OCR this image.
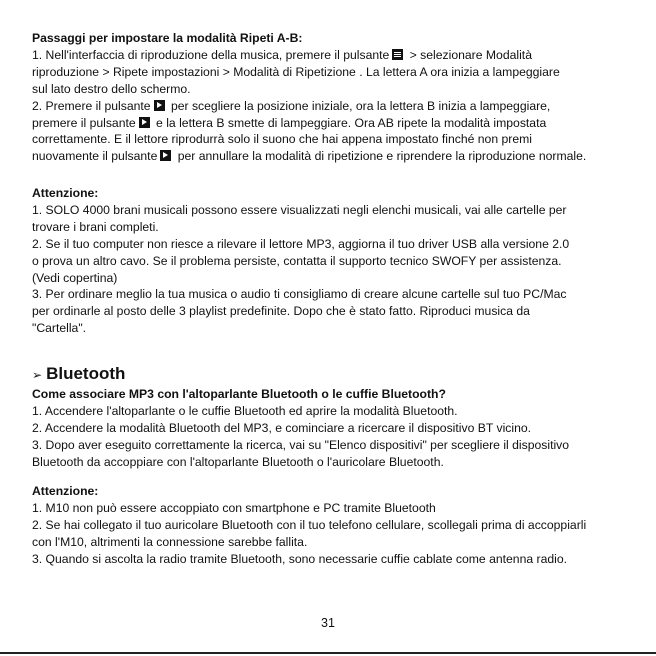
Passaggi per impostare la modalità Ripeti A-B:

1. Nell'interfaccia di riproduzione della musica, premere il pulsante > selezionare Modalità
riproduzione > Ripete impostazioni > Modalità di Ripetizione . La lettera A ora inizia a lampeggiare
sul lato destro dello schermo.

2. Premere il pulsante per scegliere la posizione iniziale, ora la lettera B inizia a lampeggiare,
premere il pulsante e la lettera B smette di lampeggiare. Ora AB ripete la modalità impostata
correttamente. E il lettore riprodurrà solo il suono che hai appena impostato finché non premi
nuovamente il pulsante per annullare la modalità di ripetizione e riprendere la riproduzione normale.

Attenzione:

1. SOLO 4000 brani musicali possono essere visualizzati negli elenchi musicali, vai alle cartelle per
trovare i brani completi.

2. Se il tuo computer non riesce a rilevare il lettore MP3, aggiorna il tuo driver USB alla versione 2.0
o prova un altro cavo. Se il problema persiste, contatta il supporto tecnico SWOFY per assistenza.
(Vedi copertina)

3. Per ordinare meglio la tua musica o audio ti consigliamo di creare alcune cartelle sul tuo PC/Mac
per ordinarle al posto delle 3 playlist predefinite. Dopo che è stato fatto. Riproduci musica da
"Cartella".

➢ Bluetooth

Come associare MP3 con l'altoparlante Bluetooth o le cuffie Bluetooth?

1. Accendere l'altoparlante o le cuffie Bluetooth ed aprire la modalità Bluetooth.

2. Accendere la modalità Bluetooth del MP3, e cominciare a ricercare il dispositivo BT vicino.

3. Dopo aver eseguito correttamente la ricerca, vai su "Elenco dispositivi" per scegliere il dispositivo
Bluetooth da accoppiare con l'altoparlante Bluetooth o l'auricolare Bluetooth.

Attenzione:

1. M10 non può essere accoppiato con smartphone e PC tramite Bluetooth

2. Se hai collegato il tuo auricolare Bluetooth con il tuo telefono cellulare, scollegali prima di accoppiarli
con l'M10, altrimenti la connessione sarebbe fallita.

3. Quando si ascolta la radio tramite Bluetooth, sono necessarie cuffie cablate come antenna radio.

31
